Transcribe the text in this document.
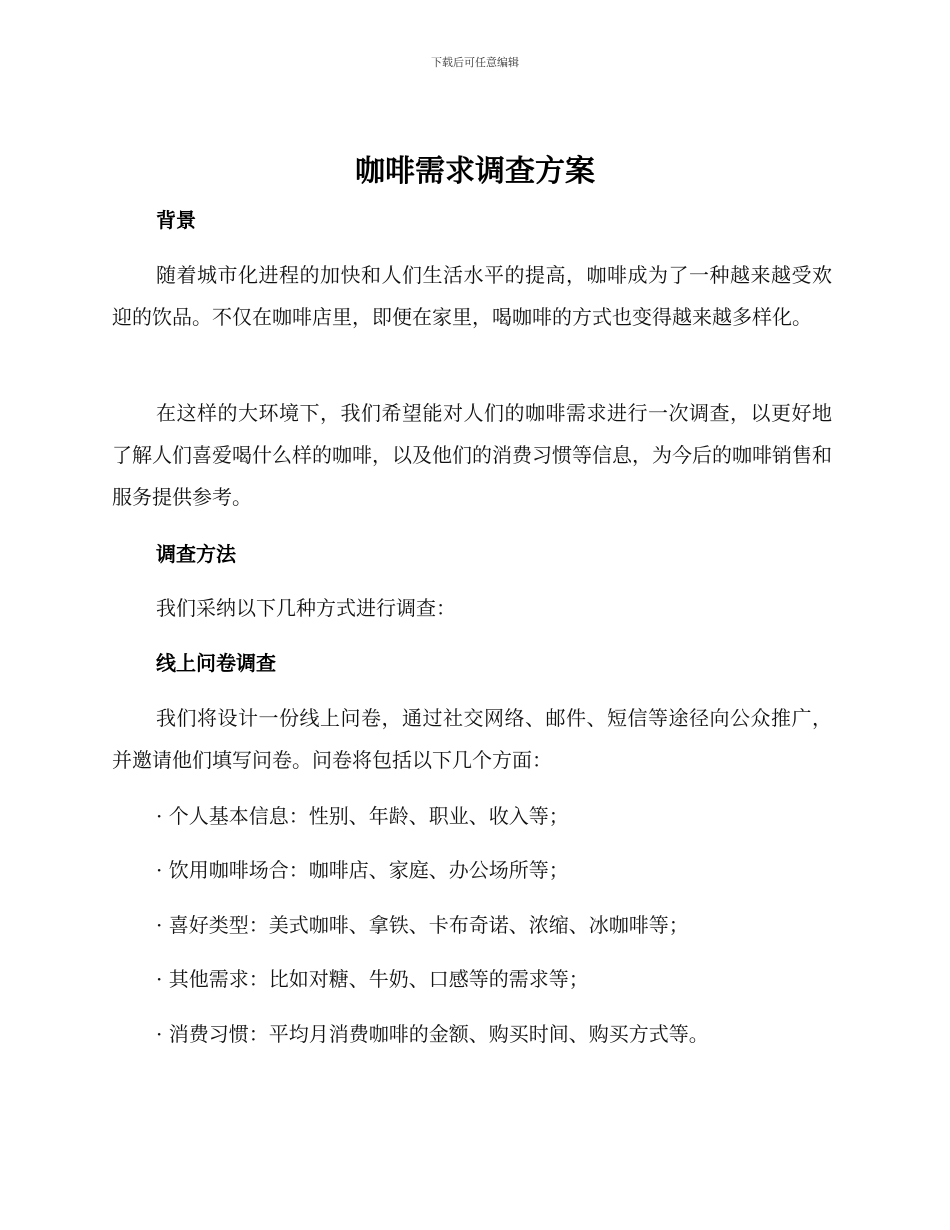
下载后可任意编辑
咖啡需求调查方案
背景
随着城市化进程的加快和人们生活水平的提高，咖啡成为了一种越来越受欢迎的饮品。不仅在咖啡店里，即便在家里，喝咖啡的方式也变得越来越多样化。
在这样的大环境下，我们希望能对人们的咖啡需求进行一次调查，以更好地了解人们喜爱喝什么样的咖啡，以及他们的消费习惯等信息，为今后的咖啡销售和服务提供参考。
调查方法
我们采纳以下几种方式进行调查：
线上问卷调查
我们将设计一份线上问卷，通过社交网络、邮件、短信等途径向公众推广，并邀请他们填写问卷。问卷将包括以下几个方面：
· 个人基本信息：性别、年龄、职业、收入等；
· 饮用咖啡场合：咖啡店、家庭、办公场所等；
· 喜好类型：美式咖啡、拿铁、卡布奇诺、浓缩、冰咖啡等；
· 其他需求：比如对糖、牛奶、口感等的需求等；
· 消费习惯：平均月消费咖啡的金额、购买时间、购买方式等。
